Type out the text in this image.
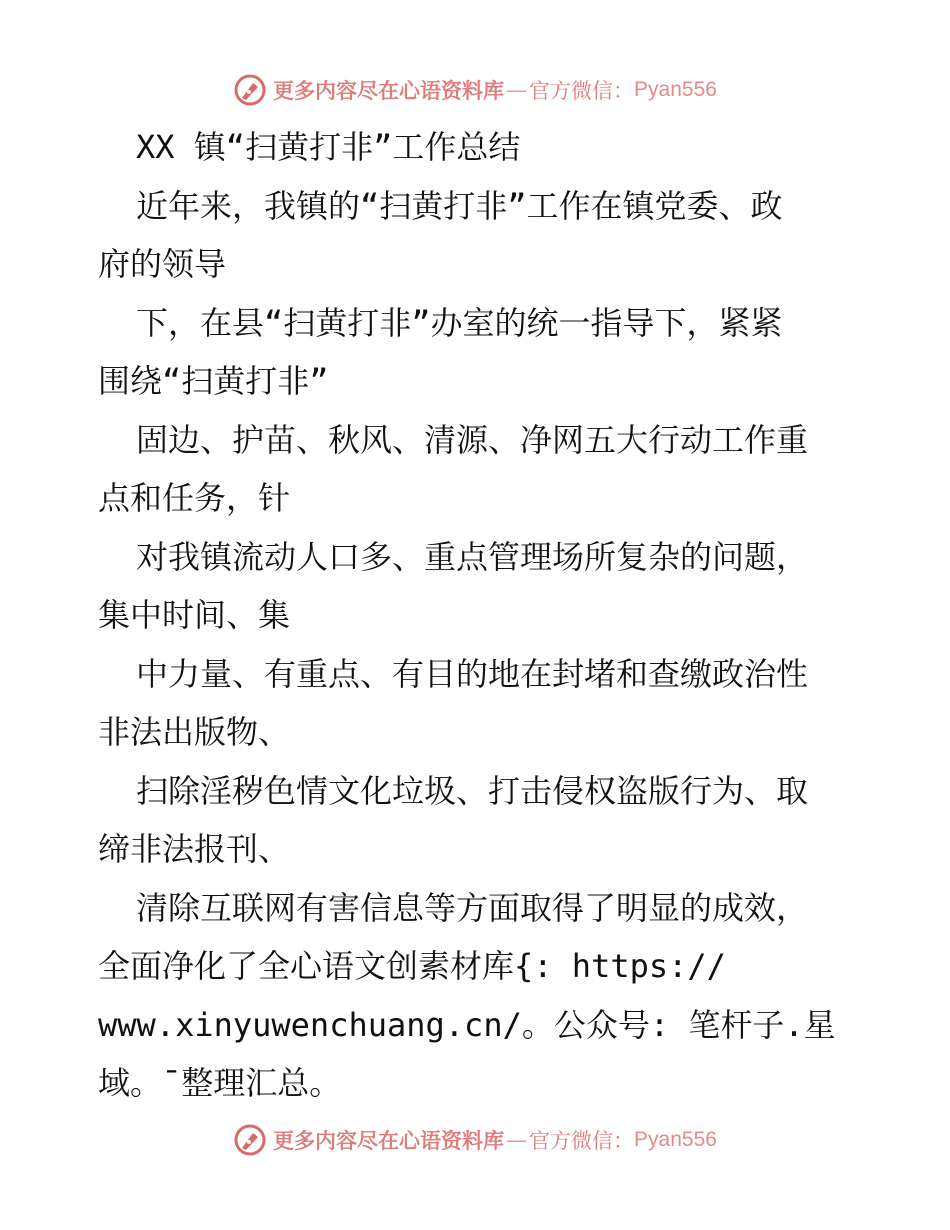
更多内容尽在心语资料库 — 官方微信： Pyan556
XX 镇“扫黄打非”工作总结
近年来，我镇的“扫黄打非”工作在镇党委、政
府的领导
下，在县“扫黄打非”办室的统一指导下，紧紧
围绕“扫黄打非”
固边、护苗、秋风、清源、净网五大行动工作重
点和任务，针
对我镇流动人口多、重点管理场所复杂的问题，
集中时间、集
中力量、有重点、有目的地在封堵和查缴政治性
非法出版物、
扫除淫秽色情文化垃圾、打击侵权盗版行为、取
缔非法报刊、
清除互联网有害信息等方面取得了明显的成效，
全面净化了全心语文创素材库{: https://
www.xinyuwenchuang.cn/。公众号: 笔杆子.星
域。¯整理汇总。
更多内容尽在心语资料库 — 官方微信： Pyan556
